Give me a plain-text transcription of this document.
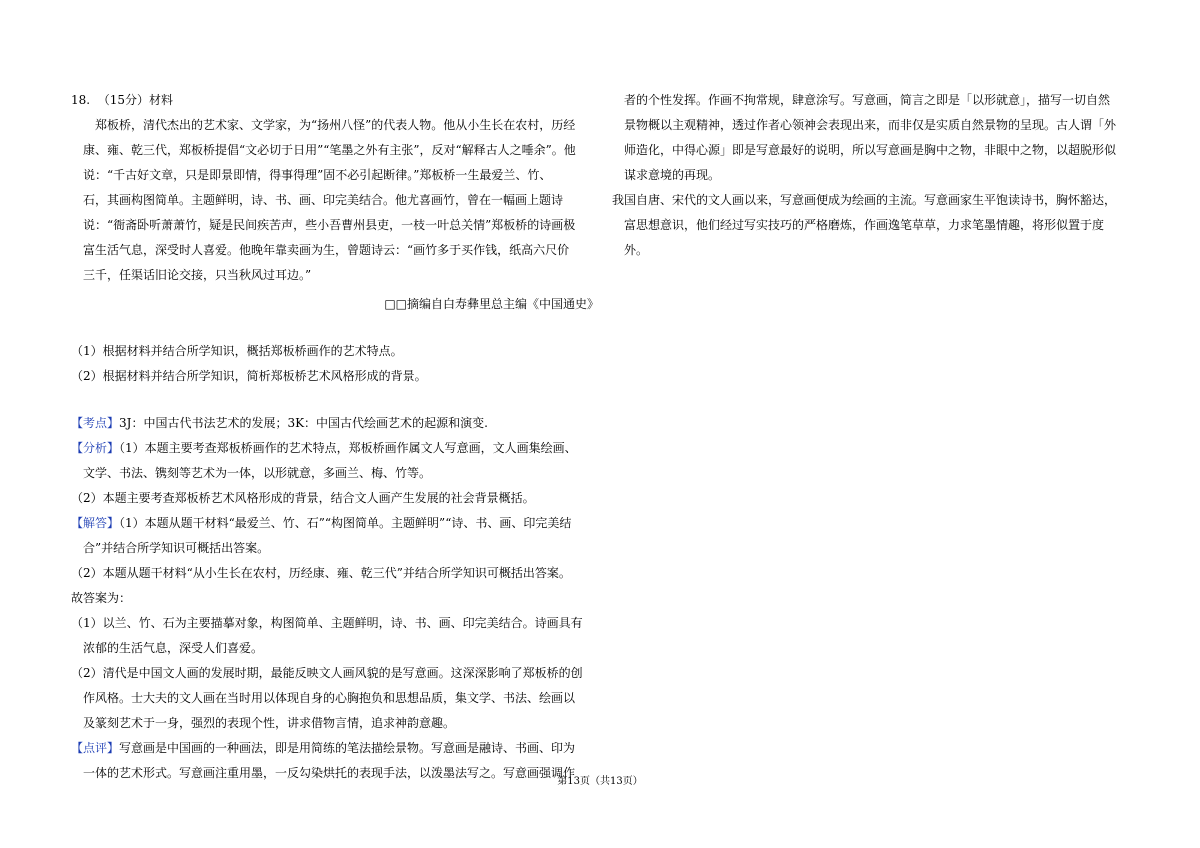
18. （15分）材料

郑板桥，清代杰出的艺术家、文学家，为“扬州八怪”的代表人物。他从小生长在农村，历经

康、雍、乾三代，郑板桥提倡“文必切于日用”“笔墨之外有主张”，反对“解释古人之唾余”。他

说：“千古好文章，只是即景即情，得事得理”固不必引起断律。”郑板桥一生最爱兰、竹、

石，其画构图简单。主题鲜明，诗、书、画、印完美结合。他尤喜画竹，曾在一幅画上题诗

说：“衙斋卧听萧萧竹，疑是民间疾苦声，些小吾曹州县吏，一枝一叶总关情”郑板桥的诗画极

富生活气息，深受时人喜爱。他晚年靠卖画为生，曾题诗云：“画竹多于买作钱，纸高六尺价

三千，任渠话旧论交接，只当秋风过耳边。”

□□摘编自白寿彝里总主编《中国通史》

（1）根据材料并结合所学知识，概括郑板桥画作的艺术特点。

（2）根据材料并结合所学知识，简析郑板桥艺术风格形成的背景。

【考点】3J：中国古代书法艺术的发展；3K：中国古代绘画艺术的起源和演变.

【分析】（1）本题主要考查郑板桥画作的艺术特点，郑板桥画作属文人写意画，文人画集绘画、

文学、书法、镌刻等艺术为一体，以形就意，多画兰、梅、竹等。

（2）本题主要考查郑板桥艺术风格形成的背景，结合文人画产生发展的社会背景概括。

【解答】（1）本题从题干材料“最爱兰、竹、石”“构图简单。主题鲜明”“诗、书、画、印完美结

合”并结合所学知识可概括出答案。

（2）本题从题干材料“从小生长在农村，历经康、雍、乾三代”并结合所学知识可概括出答案。

故答案为：

（1）以兰、竹、石为主要描摹对象，构图简单、主题鲜明，诗、书、画、印完美结合。诗画具有

浓郁的生活气息，深受人们喜爱。

（2）清代是中国文人画的发展时期，最能反映文人画风貌的是写意画。这深深影响了郑板桥的创

作风格。士大夫的文人画在当时用以体现自身的心胸抱负和思想品质，集文学、书法、绘画以

及篆刻艺术于一身，强烈的表现个性，讲求借物言情，追求神韵意趣。

【点评】写意画是中国画的一种画法，即是用简练的笔法描绘景物。写意画是融诗、书画、印为

一体的艺术形式。写意画注重用墨，一反勾染烘托的表现手法，以泼墨法写之。写意画强调作

者的个性发挥。作画不拘常规，肆意涂写。写意画，简言之即是「以形就意」，描写一切自然

景物概以主观精神，透过作者心领神会表现出来，而非仅是实质自然景物的呈现。古人谓「外

师造化，中得心源」即是写意最好的说明，所以写意画是胸中之物，非眼中之物，以超脱形似

谋求意境的再现。

我国自唐、宋代的文人画以来，写意画便成为绘画的主流。写意画家生平饱读诗书，胸怀豁达，

富思想意识，他们经过写实技巧的严格磨炼，作画逸笔草草，力求笔墨情趣，将形似置于度

外。

第13页（共13页）
